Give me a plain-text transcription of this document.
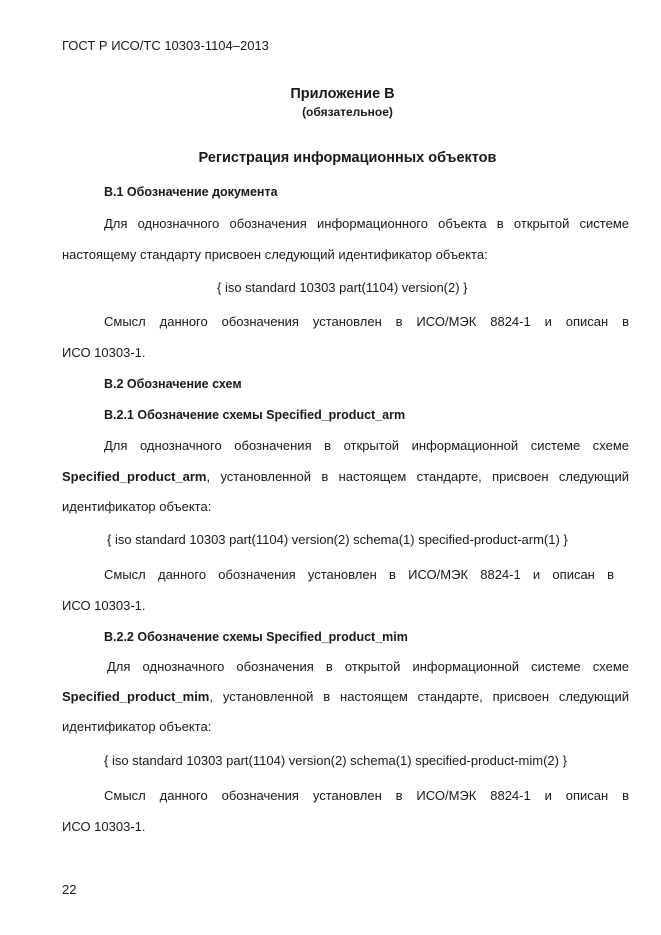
ГОСТ Р ИСО/ТС 10303-1104–2013
Приложение В
(обязательное)
Регистрация информационных объектов
В.1 Обозначение документа
Для однозначного обозначения информационного объекта в открытой системе
настоящему стандарту присвоен следующий идентификатор объекта:
{ iso standard 10303 part(1104) version(2) }
Смысл данного обозначения установлен в ИСО/МЭК 8824-1 и описан в
ИСО 10303-1.
В.2 Обозначение схем
В.2.1 Обозначение схемы Specified_product_arm
Для однозначного обозначения в открытой информационной системе схеме
Specified_product_arm, установленной в настоящем стандарте, присвоен следующий
идентификатор объекта:
{ iso standard 10303 part(1104) version(2) schema(1) specified-product-arm(1) }
Смысл данного обозначения установлен в ИСО/МЭК 8824-1 и описан в
ИСО 10303-1.
В.2.2 Обозначение схемы Specified_product_mim
Для однозначного обозначения в открытой информационной системе схеме
Specified_product_mim, установленной в настоящем стандарте, присвоен следующий
идентификатор объекта:
{ iso standard 10303 part(1104) version(2) schema(1) specified-product-mim(2) }
Смысл данного обозначения установлен в ИСО/МЭК 8824-1 и описан в
ИСО 10303-1.
22
